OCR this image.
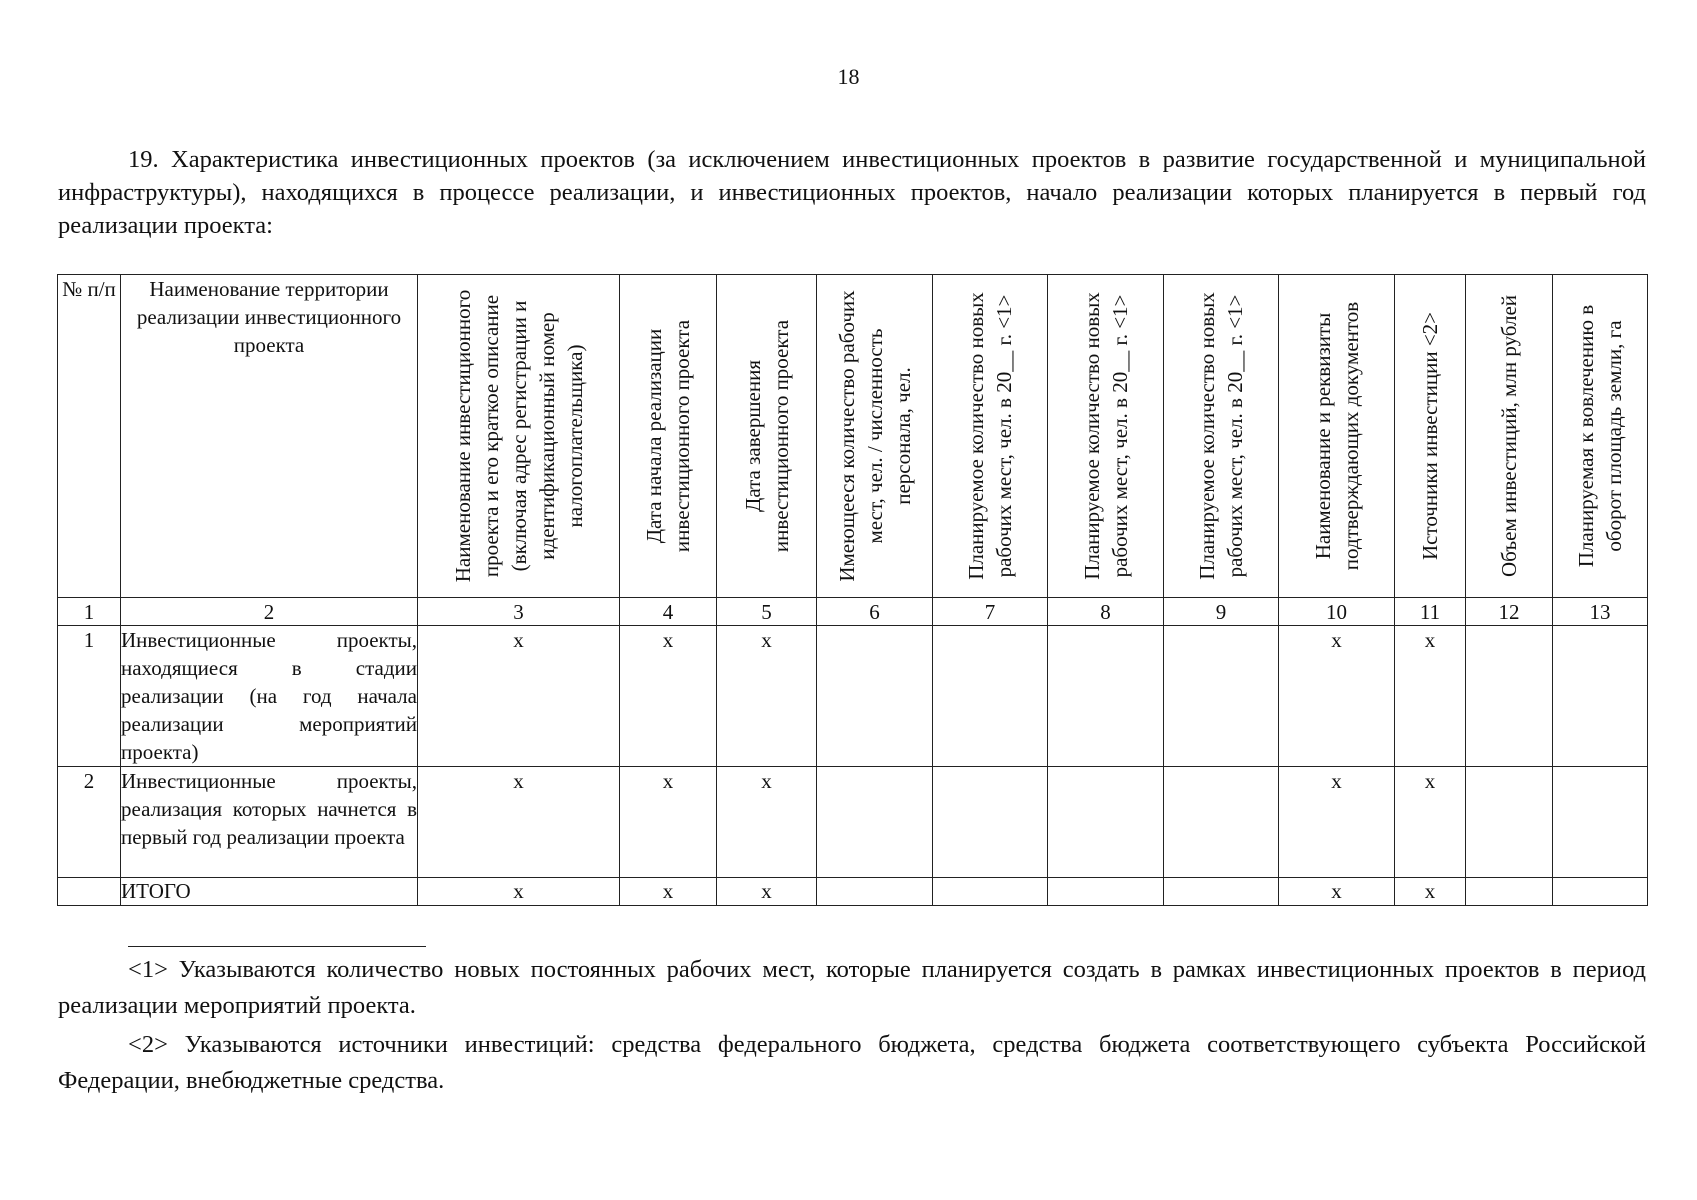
18
19. Характеристика инвестиционных проектов (за исключением инвестиционных проектов в развитие государственной и муниципальной инфраструктуры), находящихся в процессе реализации, и инвестиционных проектов, начало реализации которых планируется в первый год реализации проекта:
№ п/п	Наименование территории реализации инвестиционного проекта	Наименование инвестиционного проекта и его краткое описание (включая адрес регистрации и идентификационный номер налогоплательщика)	Дата начала реализации инвестиционного проекта	Дата завершения инвестиционного проекта	Имеющееся количество рабочих мест, чел. / численность персонала, чел.	Планируемое количество новых рабочих мест, чел. в 20__ г. <1>	Планируемое количество новых рабочих мест, чел. в 20__ г. <1>	Планируемое количество новых рабочих мест, чел. в 20__ г. <1>	Наименование и реквизиты подтверждающих документов	Источники инвестиции <2>	Объем инвестиций, млн рублей	Планируемая к вовлечению в оборот площадь земли, га

1	2	3	4	5	6	7	8	9	10	11	12	13
1	Инвестиционные проекты, находящиеся в стадии реализации (на год начала реализации мероприятий проекта)	x	x	x					x	x		
2	Инвестиционные проекты, реализация которых начнется в первый год реализации проекта	x	x	x					x	x		
	ИТОГО	x	x	x					x	x		

<1> Указываются количество новых постоянных рабочих мест, которые планируется создать в рамках инвестиционных проектов в период реализации мероприятий проекта.

<2> Указываются источники инвестиций: средства федерального бюджета, средства бюджета соответствующего субъекта Российской Федерации, внебюджетные средства.
